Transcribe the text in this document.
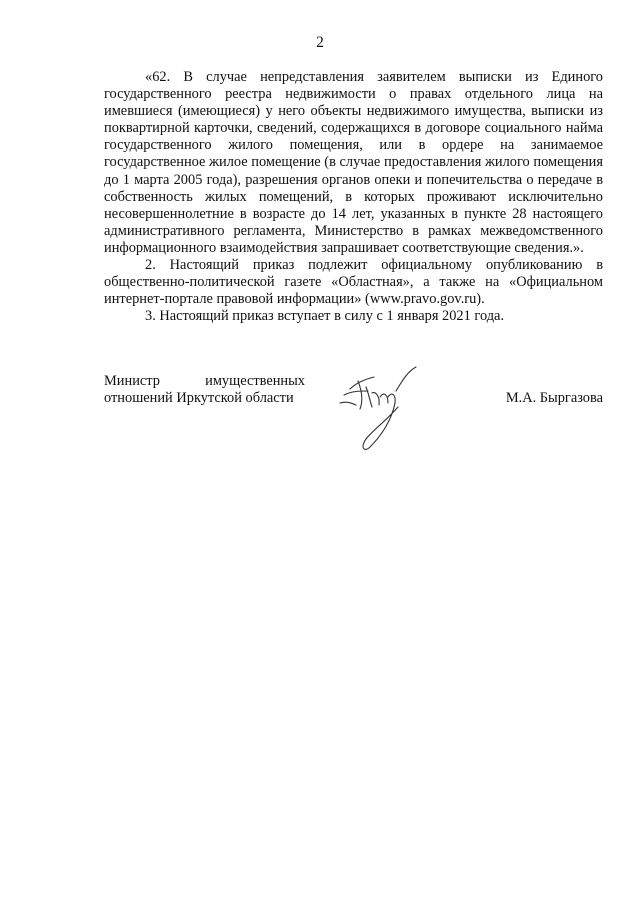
2

«62. В случае непредставления заявителем выписки из Единого государственного реестра недвижимости о правах отдельного лица на имевшиеся (имеющиеся) у него объекты недвижимого имущества, выписки из поквартирной карточки, сведений, содержащихся в договоре социального найма государственного жилого помещения, или в ордере на занимаемое государственное жилое помещение (в случае предоставления жилого помещения до 1 марта 2005 года), разрешения органов опеки и попечительства о передаче в собственность жилых помещений, в которых проживают исключительно несовершеннолетние в возрасте до 14 лет, указанных в пункте 28 настоящего административного регламента, Министерство в рамках межведомственного информационного взаимодействия запрашивает соответствующие сведения.».

2. Настоящий приказ подлежит официальному опубликованию в общественно-политической газете «Областная», а также на «Официальном интернет-портале правовой информации» (www.pravo.gov.ru).

3. Настоящий приказ вступает в силу с 1 января 2021 года.

Министр	имущественных
отношений Иркутской области	М.А. Быргазова
